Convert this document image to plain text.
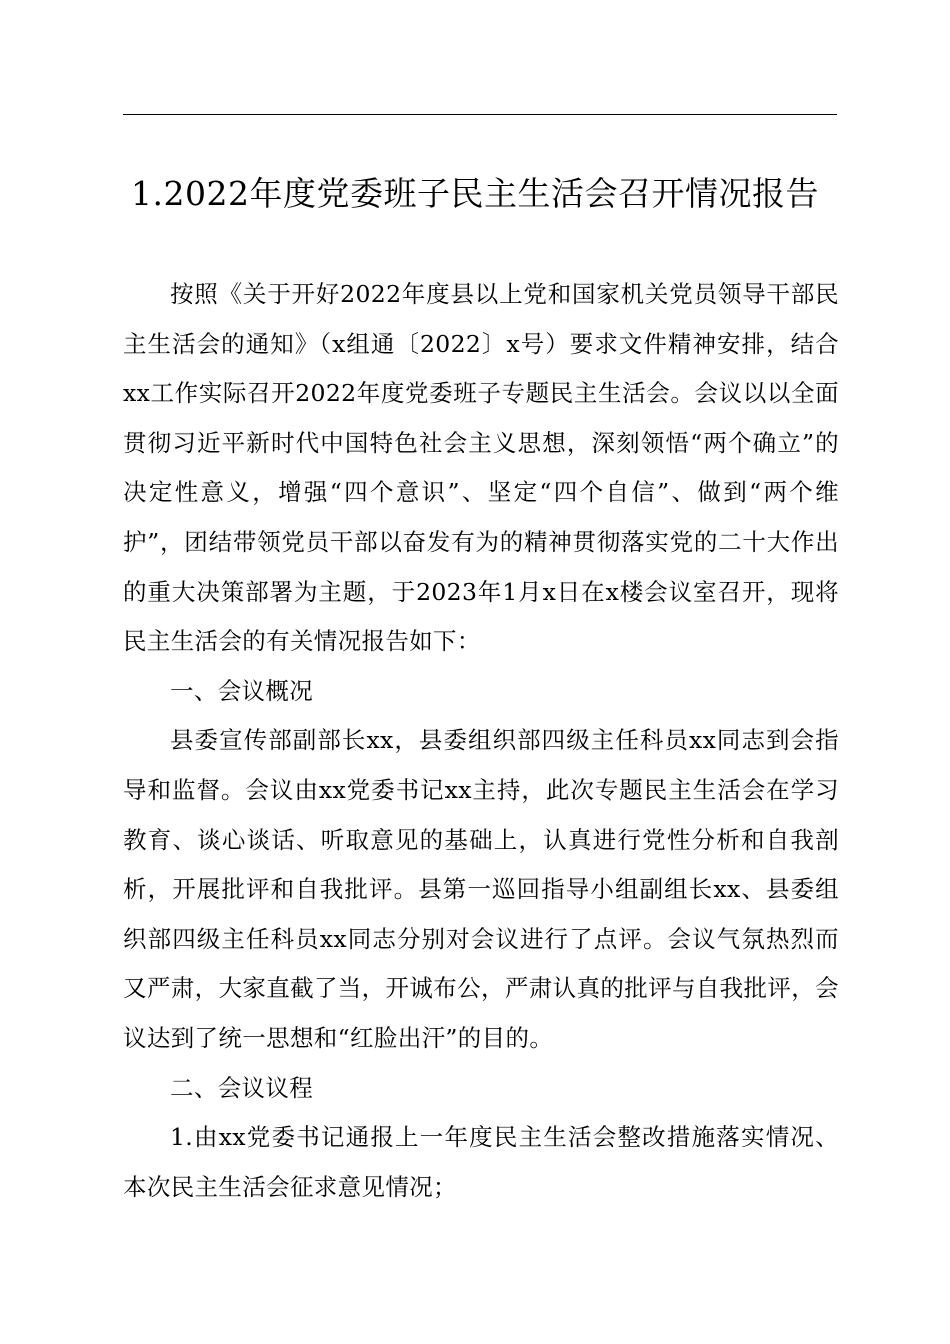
1.2022年度党委班子民主生活会召开情况报告

按照《关于开好2022年度县以上党和国家机关党员领导干部民主生活会的通知》（x组通〔2022〕x号）要求文件精神安排，结合xx工作实际召开2022年度党委班子专题民主生活会。会议以以全面贯彻习近平新时代中国特色社会主义思想，深刻领悟“两个确立”的决定性意义，增强“四个意识”、坚定“四个自信”、做到“两个维护”，团结带领党员干部以奋发有为的精神贯彻落实党的二十大作出的重大决策部署为主题，于2023年1月x日在x楼会议室召开，现将民主生活会的有关情况报告如下：

一、会议概况

县委宣传部副部长xx，县委组织部四级主任科员xx同志到会指导和监督。会议由xx党委书记xx主持，此次专题民主生活会在学习教育、谈心谈话、听取意见的基础上，认真进行党性分析和自我剖析，开展批评和自我批评。县第一巡回指导小组副组长xx、县委组织部四级主任科员xx同志分别对会议进行了点评。会议气氛热烈而又严肃，大家直截了当，开诚布公，严肃认真的批评与自我批评，会议达到了统一思想和“红脸出汗”的目的。

二、会议议程

1.由xx党委书记通报上一年度民主生活会整改措施落实情况、本次民主生活会征求意见情况；
